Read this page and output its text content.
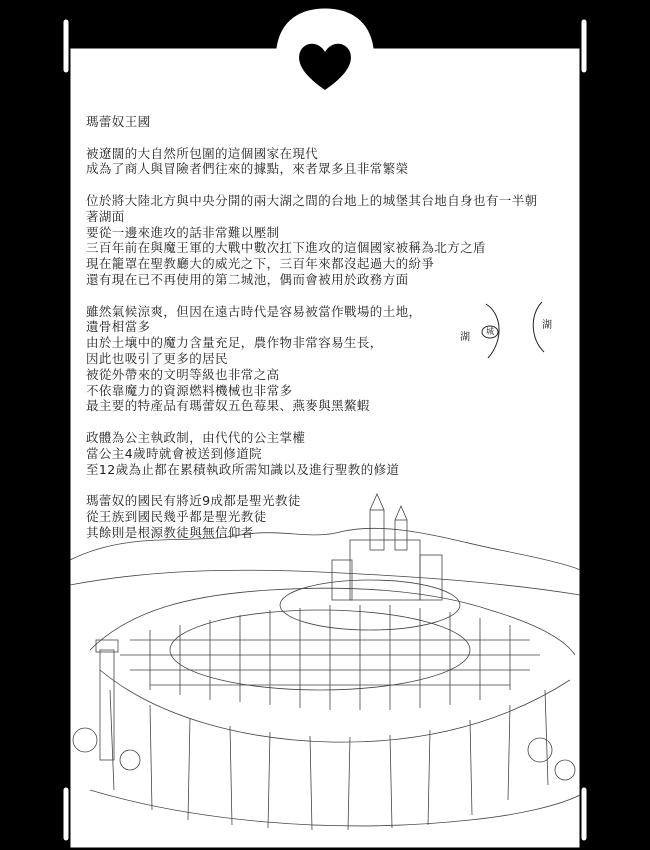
瑪蕾奴王國

被遼闊的大自然所包圍的這個國家在現代
成為了商人與冒險者們往來的據點，來者眾多且非常繁榮

位於將大陸北方與中央分開的兩大湖之間的台地上的城堡其台地自身也有一半朝
著湖面
要從一邊來進攻的話非常難以壓制
三百年前在與魔王軍的大戰中數次扛下進攻的這個國家被稱為北方之盾
現在籠罩在聖教廳大的威光之下，三百年來都沒起過大的紛爭
還有現在已不再使用的第二城池，偶而會被用於政務方面

雖然氣候涼爽，但因在遠古時代是容易被當作戰場的土地，
遺骨相當多
由於土壤中的魔力含量充足，農作物非常容易生長，
因此也吸引了更多的居民
被從外帶來的文明等級也非常之高
不依靠魔力的資源燃料機械也非常多
最主要的特產品有瑪蕾奴五色莓果、燕麥與黑鰲蝦

政體為公主執政制，由代代的公主掌權
當公主4歲時就會被送到修道院
至12歲為止都在累積執政所需知識以及進行聖教的修道

瑪蕾奴的國民有將近9成都是聖光教徒
從王族到國民幾乎都是聖光教徒
其餘則是根源教徒與無信仰者

湖
城
湖
